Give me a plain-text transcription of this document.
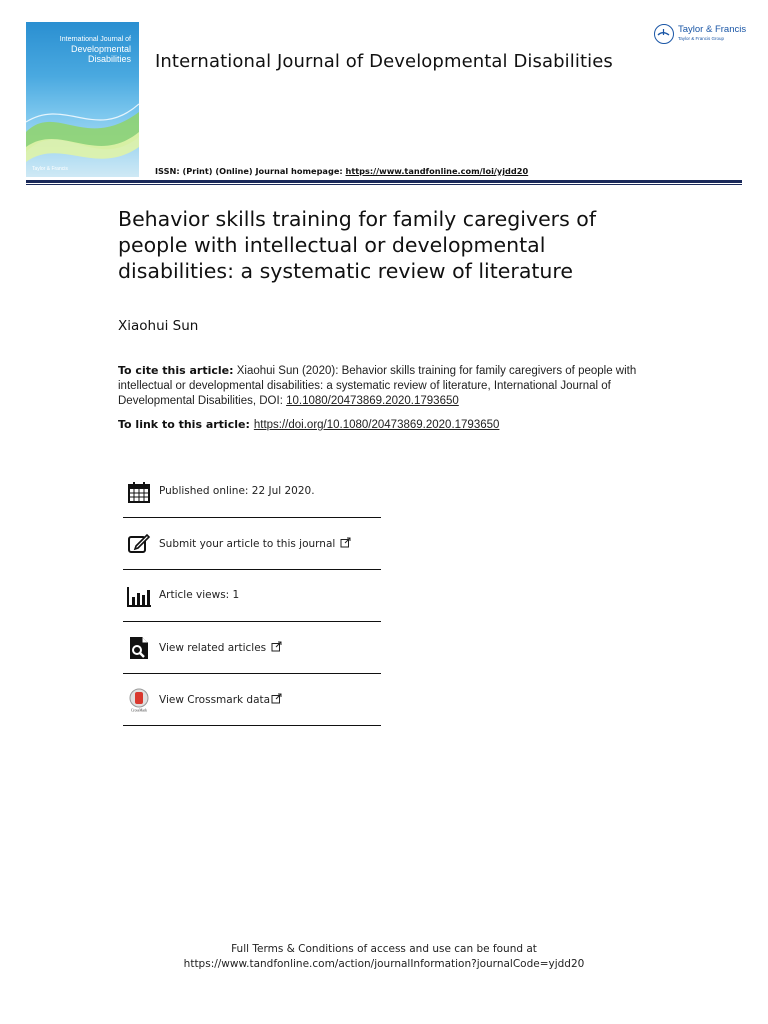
International Journal of
Developmental
Disabilities
Taylor & Francis
International Journal of Developmental Disabilities
Taylor & Francis
Taylor & Francis Group
ISSN: (Print) (Online) Journal homepage: https://www.tandfonline.com/loi/yjdd20
Behavior skills training for family caregivers of people with intellectual or developmental disabilities: a systematic review of literature
Xiaohui Sun
To cite this article: Xiaohui Sun (2020): Behavior skills training for family caregivers of people with intellectual or developmental disabilities: a systematic review of literature, International Journal of Developmental Disabilities, DOI: 10.1080/20473869.2020.1793650
To link to this article: https://doi.org/10.1080/20473869.2020.1793650
Published online: 22 Jul 2020.
Submit your article to this journal
Article views: 1
View related articles
CrossMark
View Crossmark data
Full Terms & Conditions of access and use can be found at
https://www.tandfonline.com/action/journalInformation?journalCode=yjdd20
